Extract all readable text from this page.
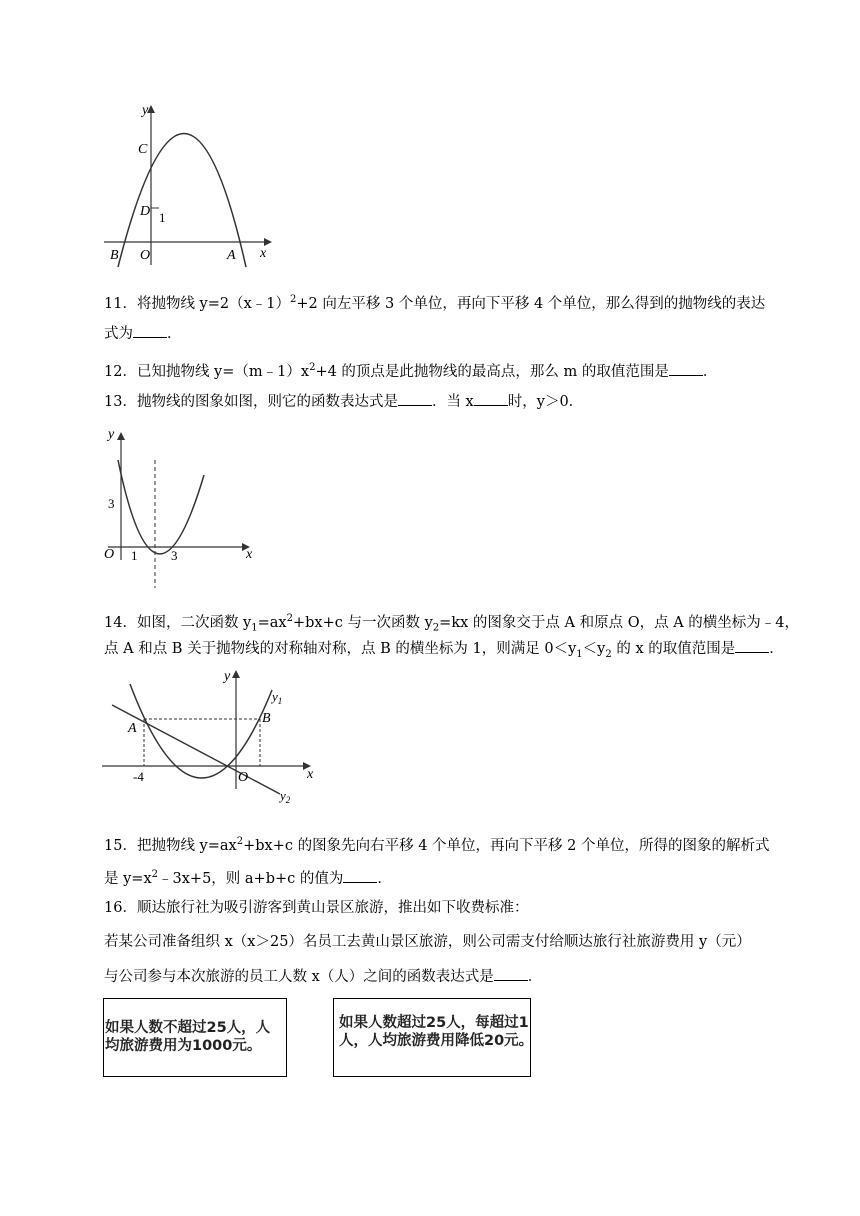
y
C
D 1
B O	A x
11．将抛物线 y=2（x﹣1）$^2$+2 向左平移 3 个单位，再向下平移 4 个单位，那么得到的抛物线的表达
式为 ．
12．已知抛物线 $y=(m﹣1)x^2+4$ 的顶点是此抛物线的最高点，那么 m 的取值范围是 ．
13．抛物线的图象如图，则它的函数表达式是 ．当 x 时，y＞0．
y
3
O 1	3	x
14．如图，二次函数 $y_1=ax^2+bx+c$ 与一次函数 $y_2=kx$ 的图象交于点 A 和原点 O，点 A 的横坐标为﹣4，
点 A 和点 B 关于抛物线的对称轴对称，点 B 的横坐标为 1，则满足 $0<y_1<y_2$ 的 x 的取值范围是 ．
y
$y_1$
A
B
-4	O	x
$y_2$
15．把抛物线 $y=ax^2+bx+c$ 的图象先向右平移 4 个单位，再向下平移 2 个单位，所得的图象的解析式
是 $y=x^2﹣3x+5$，则 a+b+c 的值为 ．
16．顺达旅行社为吸引游客到黄山景区旅游，推出如下收费标准：
若某公司准备组织 x（x＞25）名员工去黄山景区旅游，则公司需支付给顺达旅行社旅游费用 y（元）
与公司参与本次旅游的员工人数 x（人）之间的函数表达式是 ．
如果人数不超过25人，人
均旅游费用为1000元。
如果人数超过25人，每超过1
人，人均旅游费用降低20元。
